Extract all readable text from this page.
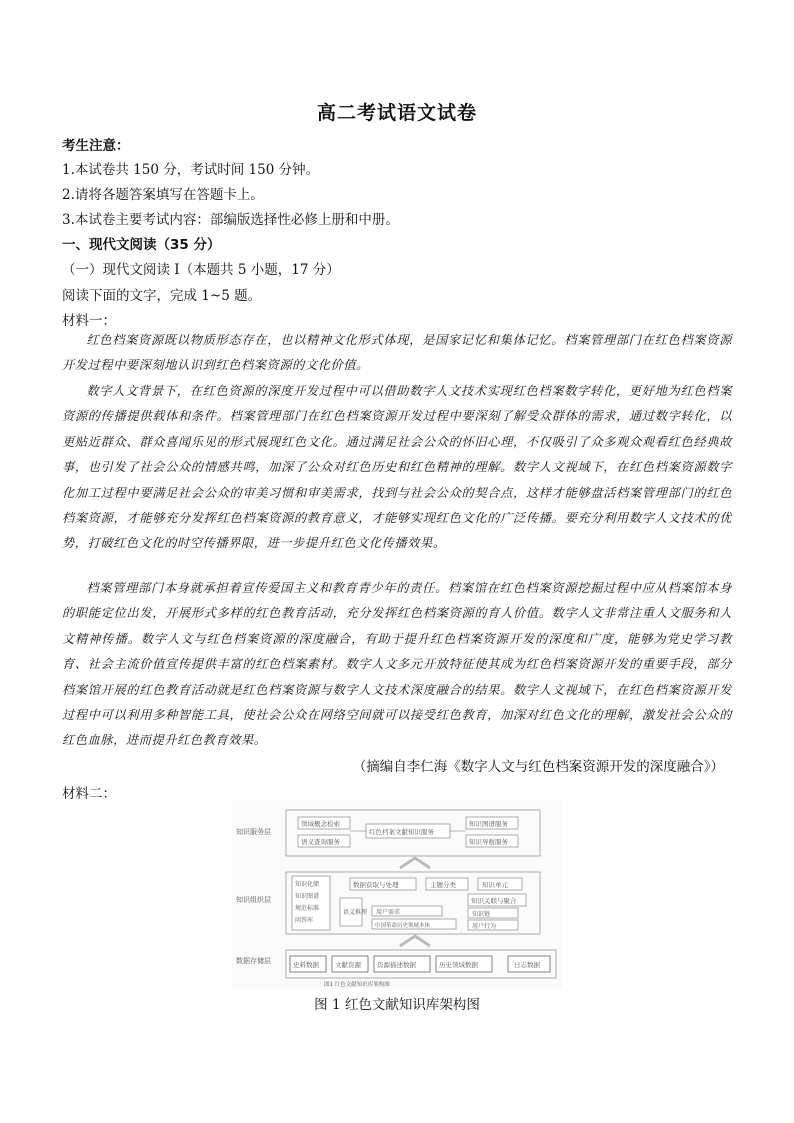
高二考试语文试卷
考生注意：
1.本试卷共 150 分，考试时间 150 分钟。
2.请将各题答案填写在答题卡上。
3.本试卷主要考试内容：部编版选择性必修上册和中册。
一、现代文阅读（35 分）
（一）现代文阅读 I（本题共 5 小题，17 分）
阅读下面的文字，完成 1~5 题。
材料一：
红色档案资源既以物质形态存在，也以精神文化形式体现，是国家记忆和集体记忆。档案管理部门在红色档案资源开发过程中要深刻地认识到红色档案资源的文化价值。
数字人文背景下，在红色资源的深度开发过程中可以借助数字人文技术实现红色档案数字转化，更好地为红色档案资源的传播提供载体和条件。档案管理部门在红色档案资源开发过程中要深刻了解受众群体的需求，通过数字转化，以更贴近群众、群众喜闻乐见的形式展现红色文化。通过满足社会公众的怀旧心理，不仅吸引了众多观众观看红色经典故事，也引发了社会公众的情感共鸣，加深了公众对红色历史和红色精神的理解。数字人文视域下，在红色档案资源数字化加工过程中要满足社会公众的审美习惯和审美需求，找到与社会公众的契合点，这样才能够盘活档案管理部门的红色档案资源，才能够充分发挥红色档案资源的教育意义，才能够实现红色文化的广泛传播。要充分利用数字人文技术的优势，打破红色文化的时空传播界限，进一步提升红色文化传播效果。
档案管理部门本身就承担着宣传爱国主义和教育青少年的责任。档案馆在红色档案资源挖掘过程中应从档案馆本身的职能定位出发，开展形式多样的红色教育活动，充分发挥红色档案资源的育人价值。数字人文非常注重人文服务和人文精神传播。数字人文与红色档案资源的深度融合，有助于提升红色档案资源开发的深度和广度，能够为党史学习教育、社会主流价值宣传提供丰富的红色档案素材。数字人文多元开放特征使其成为红色档案资源开发的重要手段，部分档案馆开展的红色教育活动就是红色档案资源与数字人文技术深度融合的结果。数字人文视域下，在红色档案资源开发过程中可以利用多种智能工具，使社会公众在网络空间就可以接受红色教育，加深对红色文化的理解，激发社会公众的红色血脉，进而提升红色教育效果。
（摘编自李仁海《数字人文与红色档案资源开发的深度融合》）
材料二：
知识服务层
知识组织层
数据存储层
领域概念检索
语义查询服务
红色档案文献知识服务
知识图谱服务
知识导航服务
知识化储
知识图谱
规范标准
问答库
数据获取与处理	主题分类	知识单元
知识关联与聚合
语义推理 用户需求	知识链
中国革命历史领域本体	用户行为
史料数据 文献资源 资源描述数据	历史领域数据	日志数据
图1 红色文献知识库架构图
图 1 红色文献知识库架构图
